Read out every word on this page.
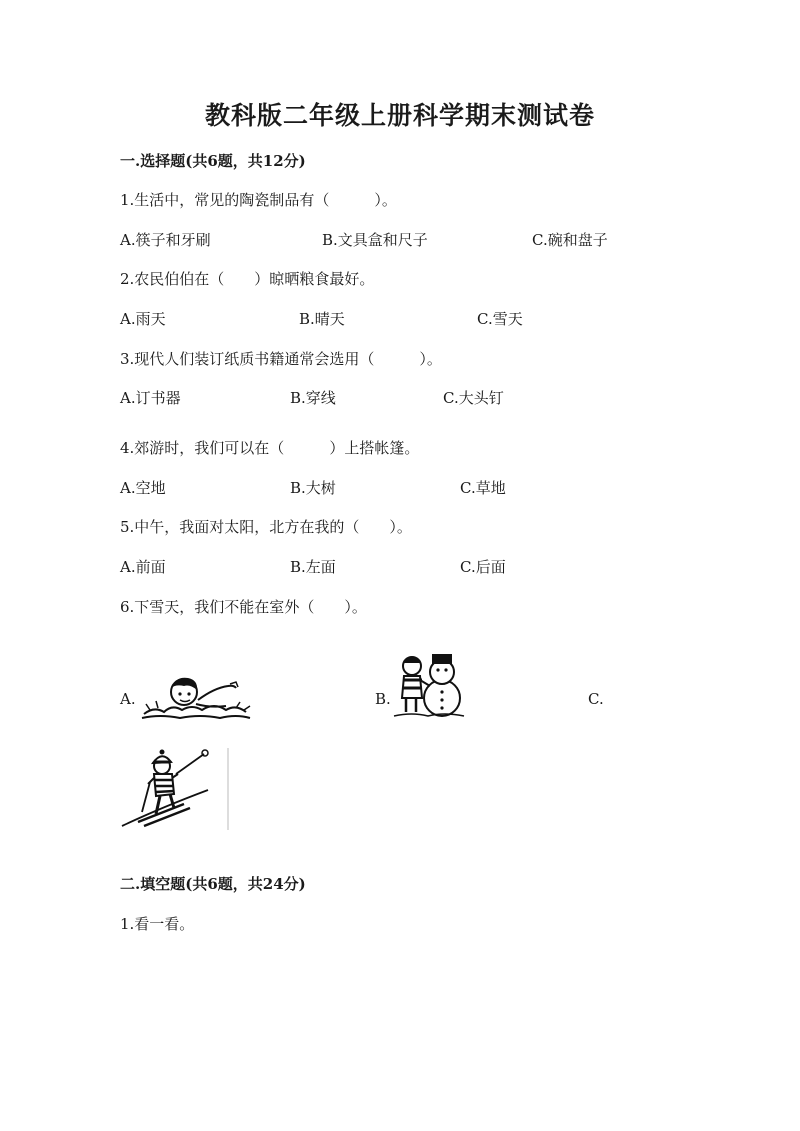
教科版二年级上册科学期末测试卷
一.选择题(共6题，共12分)
1.生活中，常见的陶瓷制品有（　　　）。
A.筷子和牙刷	B.文具盒和尺子	C.碗和盘子
2.农民伯伯在（　　）晾晒粮食最好。
A.雨天	B.晴天	C.雪天
3.现代人们装订纸质书籍通常会选用（　　　）。
A.订书器	B.穿线	C.大头钉
4.郊游时，我们可以在（　　　）上搭帐篷。
A.空地	B.大树	C.草地
5.中午，我面对太阳，北方在我的（　　）。
A.前面	B.左面	C.后面
6.下雪天，我们不能在室外（　　）。
A.	B.	C.
二.填空题(共6题，共24分)
1.看一看。
